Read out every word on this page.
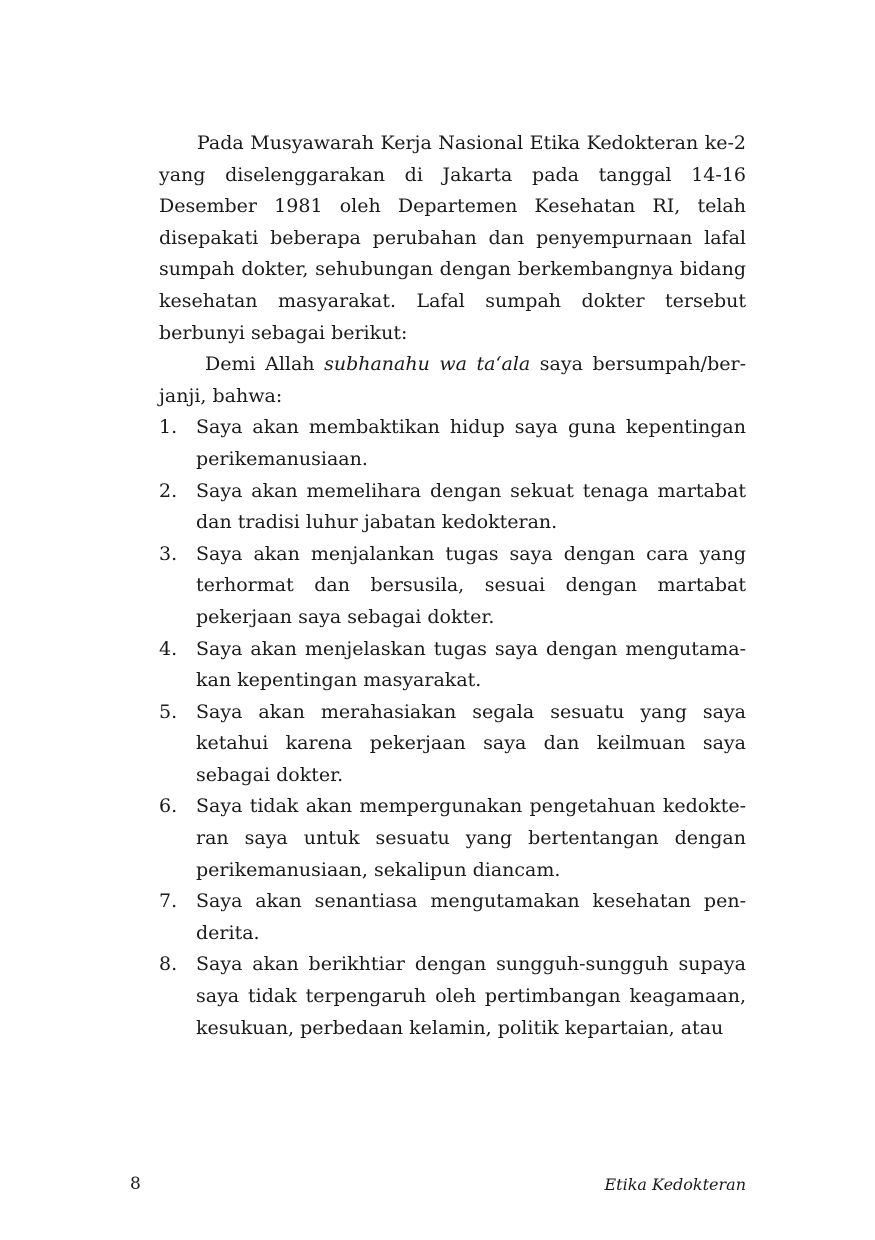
Pada Musyawarah Kerja Nasional Etika Kedokteran ke-2 yang diselenggarakan di Jakarta pada tanggal 14-16 Desember 1981 oleh Departemen Kesehatan RI, telah disepakati beberapa perubahan dan penyempurnaan lafal sumpah dokter, sehubungan dengan berkembangnya bidang kesehatan masyarakat. Lafal sumpah dokter tersebut berbunyi sebagai berikut:

Demi Allah subhanahu wa ta‘ala saya bersumpah/ber-janji, bahwa:

1. Saya akan membaktikan hidup saya guna kepentingan perikemanusiaan.
2. Saya akan memelihara dengan sekuat tenaga martabat dan tradisi luhur jabatan kedokteran.
3. Saya akan menjalankan tugas saya dengan cara yang terhormat dan bersusila, sesuai dengan martabat pekerjaan saya sebagai dokter.
4. Saya akan menjelaskan tugas saya dengan mengutama-kan kepentingan masyarakat.
5. Saya akan merahasiakan segala sesuatu yang saya ketahui karena pekerjaan saya dan keilmuan saya sebagai dokter.
6. Saya tidak akan mempergunakan pengetahuan kedokte-ran saya untuk sesuatu yang bertentangan dengan perikemanusiaan, sekalipun diancam.
7. Saya akan senantiasa mengutamakan kesehatan pen-derita.
8. Saya akan berikhtiar dengan sungguh-sungguh supaya saya tidak terpengaruh oleh pertimbangan keagamaan, kesukuan, perbedaan kelamin, politik kepartaian, atau
8	Etika Kedokteran
